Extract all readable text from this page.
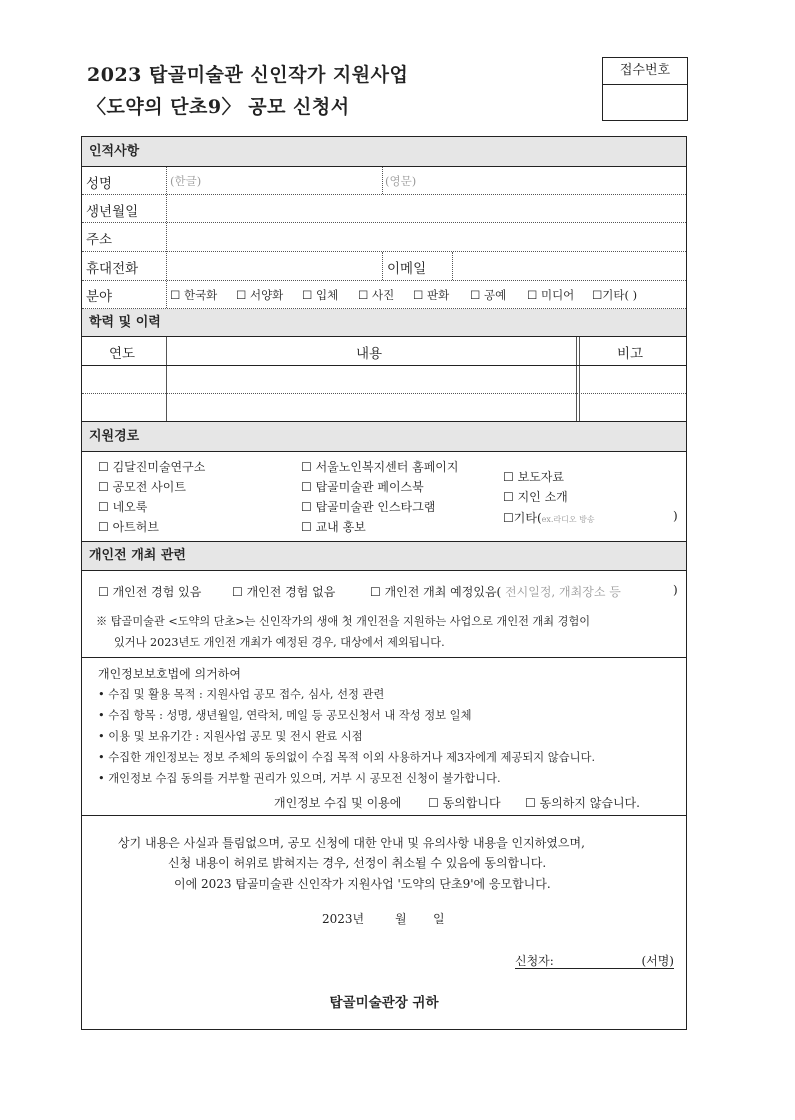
2023 탑골미술관 신인작가 지원사업
〈도약의 단초9〉 공모 신청서
접수번호
인적사항
성명	(한글)	(영문)
생년월일
주소
휴대전화	이메일
분야	☐ 한국화 ☐ 서양화 ☐ 입체 ☐ 사진 ☐ 판화 ☐ 공예 ☐ 미디어 ☐기타( )
학력 및 이력
연도	내용	비고
지원경로
☐ 김달진미술연구소
☐ 공모전 사이트
☐ 네오룩
☐ 아트허브
☐ 서울노인복지센터 홈페이지
☐ 탑골미술관 페이스북
☐ 탑골미술관 인스타그램
☐ 교내 홍보
☐ 보도자료
☐ 지인 소개
☐기타(ex.라디오 방송	)
개인전 개최 관련
☐ 개인전 경험 있음	☐ 개인전 경험 없음	☐ 개인전 개최 예정있음( 전시일정, 개최장소 등	)
※ 탑골미술관 <도약의 단초>는 신인작가의 생애 첫 개인전을 지원하는 사업으로 개인전 개최 경험이
있거나 2023년도 개인전 개최가 예정된 경우, 대상에서 제외됩니다.
개인정보보호법에 의거하여
• 수집 및 활용 목적 : 지원사업 공모 접수, 심사, 선정 관련
• 수집 항목 : 성명, 생년월일, 연락처, 메일 등 공모신청서 내 작성 정보 일체
• 이용 및 보유기간 : 지원사업 공모 및 전시 완료 시점
• 수집한 개인정보는 정보 주체의 동의없이 수집 목적 이외 사용하거나 제3자에게 제공되지 않습니다.
• 개인정보 수집 동의를 거부할 권리가 있으며, 거부 시 공모전 신청이 불가합니다.
개인정보 수집 및 이용에 ☐ 동의합니다 ☐ 동의하지 않습니다.
상기 내용은 사실과 틀림없으며, 공모 신청에 대한 안내 및 유의사항 내용을 인지하였으며,
신청 내용이 허위로 밝혀지는 경우, 선정이 취소될 수 있음에 동의합니다.
이에 2023 탑골미술관 신인작가 지원사업 '도약의 단초9'에 응모합니다.
2023년	월 일
신청자:	(서명)
탑골미술관장 귀하
